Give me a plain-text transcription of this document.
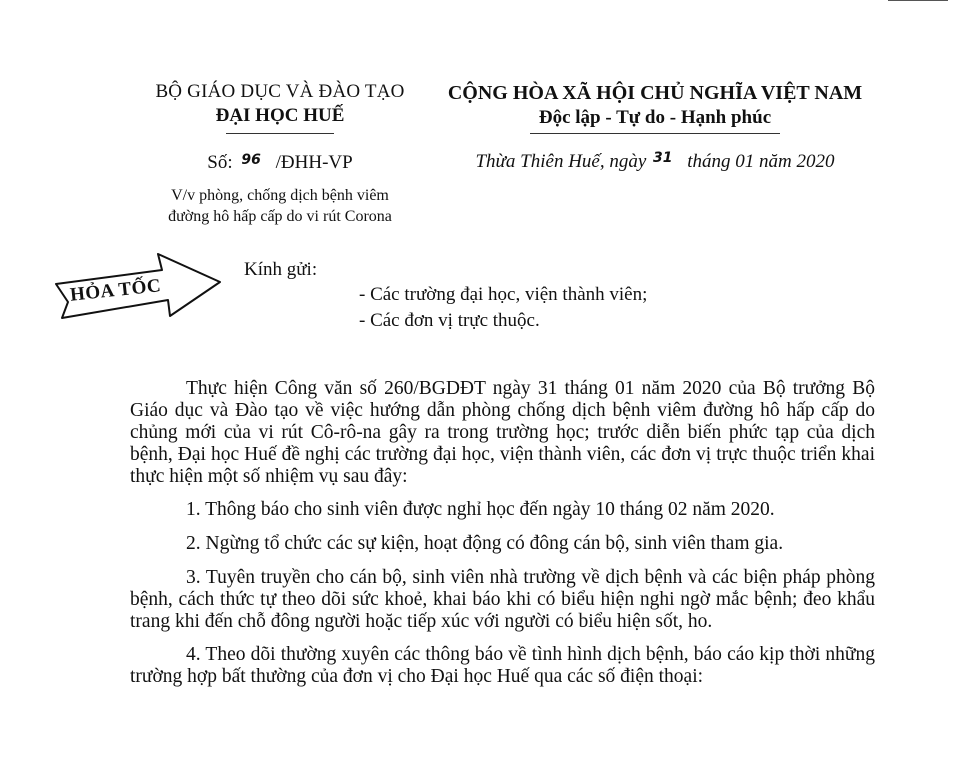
BỘ GIÁO DỤC VÀ ĐÀO TẠO
ĐẠI HỌC HUẾ
Số: $^{96}$ /ĐHH-VP
V/v phòng, chống dịch bệnh viêm
đường hô hấp cấp do vi rút Corona
CỘNG HÒA XÃ HỘI CHỦ NGHĨA VIỆT NAM
Độc lập - Tự do - Hạnh phúc
Thừa Thiên Huế, ngày $^{31}$ tháng 01 năm 2020
HỎA TỐC
Kính gửi:
- Các trường đại học, viện thành viên;
- Các đơn vị trực thuộc.

Thực hiện Công văn số 260/BGDĐT ngày 31 tháng 01 năm 2020 của Bộ trưởng Bộ Giáo dục và Đào tạo về việc hướng dẫn phòng chống dịch bệnh viêm đường hô hấp cấp do chủng mới của vi rút Cô-rô-na gây ra trong trường học; trước diễn biến phức tạp của dịch bệnh, Đại học Huế đề nghị các trường đại học, viện thành viên, các đơn vị trực thuộc triển khai thực hiện một số nhiệm vụ sau đây:

1. Thông báo cho sinh viên được nghỉ học đến ngày 10 tháng 02 năm 2020.

2. Ngừng tổ chức các sự kiện, hoạt động có đông cán bộ, sinh viên tham gia.

3. Tuyên truyền cho cán bộ, sinh viên nhà trường về dịch bệnh và các biện pháp phòng bệnh, cách thức tự theo dõi sức khoẻ, khai báo khi có biểu hiện nghi ngờ mắc bệnh; đeo khẩu trang khi đến chỗ đông người hoặc tiếp xúc với người có biểu hiện sốt, ho.

4. Theo dõi thường xuyên các thông báo về tình hình dịch bệnh, báo cáo kịp thời những trường hợp bất thường của đơn vị cho Đại học Huế qua các số điện thoại:
